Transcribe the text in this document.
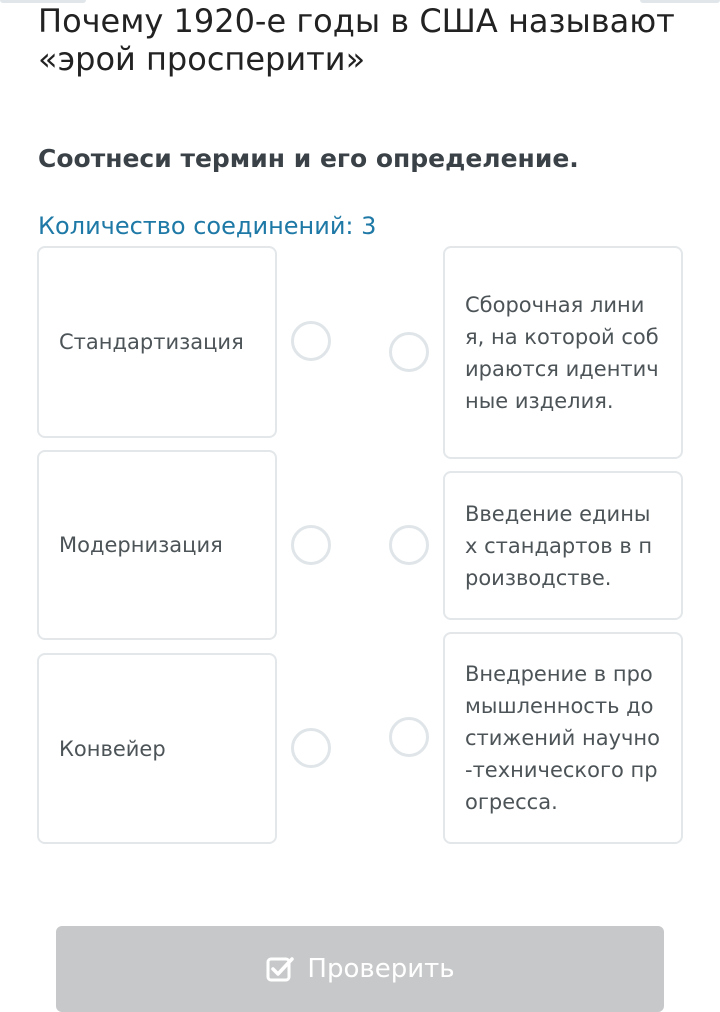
Почему 1920-е годы в США называют «эрой просперити»

Соотнеси термин и его определение.

Количество соединений: 3
Стандартизация
Модернизация
Конвейер
Сборочная линия, на которой собираются идентичные изделия.
Введение единых стандартов в производстве.
Внедрение в промышленность достижений научно-технического прогресса.
Проверить
